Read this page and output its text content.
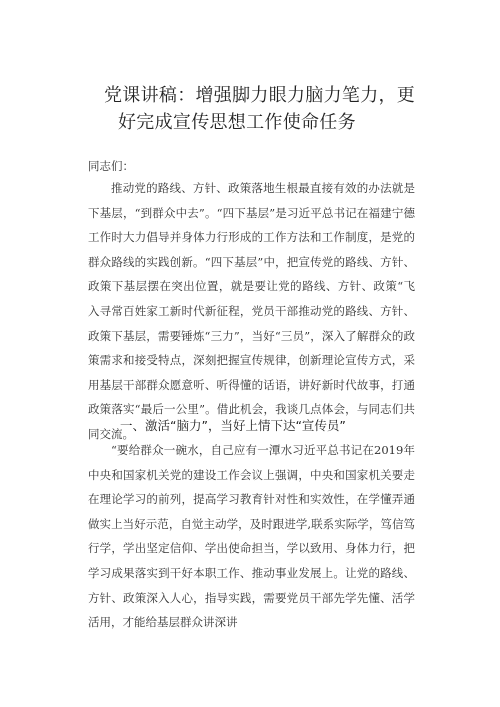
党课讲稿：增强脚力眼力脑力笔力，更
好完成宣传思想工作使命任务
同志们：

推动党的路线、方针、政策落地生根最直接有效的办法就是下基层，“到群众中去”。“四下基层”是习近平总书记在福建宁德工作时大力倡导并身体力行形成的工作方法和工作制度，是党的群众路线的实践创新。“四下基层”中，把宣传党的路线、方针、政策下基层摆在突出位置，就是要让党的路线、方针、政策“飞入寻常百姓家工新时代新征程，党员干部推动党的路线、方针、政策下基层，需要锤炼“三力”，当好“三员”，深入了解群众的政策需求和接受特点，深刻把握宣传规律，创新理论宣传方式，采用基层干部群众愿意听、听得懂的话语，讲好新时代故事，打通政策落实“最后一公里”。借此机会，我谈几点体会，与同志们共同交流。

一、激活“脑力”，当好上情下达“宣传员”

“要给群众一碗水，自己应有一潭水习近平总书记在2019年中央和国家机关党的建设工作会议上强调，中央和国家机关要走在理论学习的前列，提高学习教育针对性和实效性，在学懂弄通做实上当好示范，自觉主动学，及时跟进学,联系实际学，笃信笃行学，学出坚定信仰、学出使命担当，学以致用、身体力行，把学习成果落实到干好本职工作、推动事业发展上。让党的路线、方针、政策深入人心，指导实践，需要党员干部先学先懂、活学活用，才能给基层群众讲深讲
